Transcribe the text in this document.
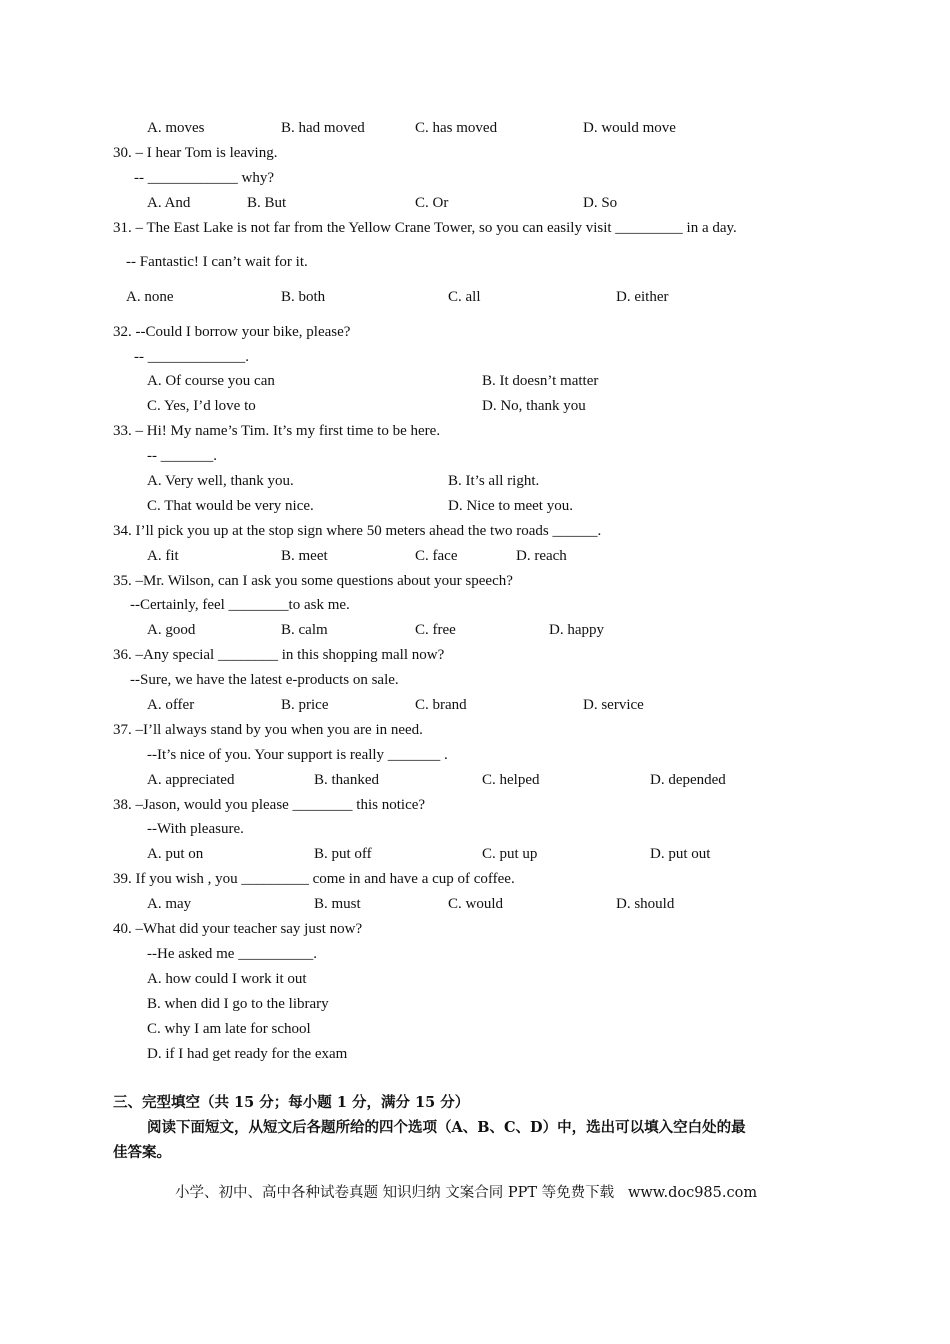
A. moves	B. had moved	C. has moved	D. would move
30. – I hear Tom is leaving.
-- ____________ why?
A. And	B. But	C. Or	D. So
31. – The East Lake is not far from the Yellow Crane Tower, so you can easily visit _________ in a day.
-- Fantastic! I can’t wait for it.
A. none	B. both	C. all	D. either
32. --Could I borrow your bike, please?
-- _____________.
A. Of course you can	B. It doesn’t matter
C. Yes, I’d love to	D. No, thank you
33. – Hi! My name’s Tim. It’s my first time to be here.
-- _______.
A. Very well, thank you.	B. It’s all right.
C. That would be very nice.	D. Nice to meet you.
34. I’ll pick you up at the stop sign where 50 meters ahead the two roads ______.
A. fit	B. meet	C. face	D. reach
35. –Mr. Wilson, can I ask you some questions about your speech?
--Certainly, feel ________to ask me.
A. good	B. calm	C. free	D. happy
36. –Any special ________ in this shopping mall now?
--Sure, we have the latest e-products on sale.
A. offer	B. price	C. brand	D. service
37. –I’ll always stand by you when you are in need.
--It’s nice of you. Your support is really _______ .
A. appreciated	B. thanked	C. helped	D. depended
38. –Jason, would you please ________ this notice?
--With pleasure.
A. put on	B. put off	C. put up	D. put out
39. If you wish , you _________ come in and have a cup of coffee.
A. may	B. must	C. would	D. should
40. –What did your teacher say just now?
--He asked me __________.
A. how could I work it out
B. when did I go to the library
C. why I am late for school
D. if I had get ready for the exam
三、完型填空（共 15 分；每小题 1 分，满分 15 分）
阅读下面短文，从短文后各题所给的四个选项（A、B、C、D）中，选出可以填入空白处的最
佳答案。
小学、初中、高中各种试卷真题 知识归纳 文案合同 PPT 等免费下载   www.doc985.com
